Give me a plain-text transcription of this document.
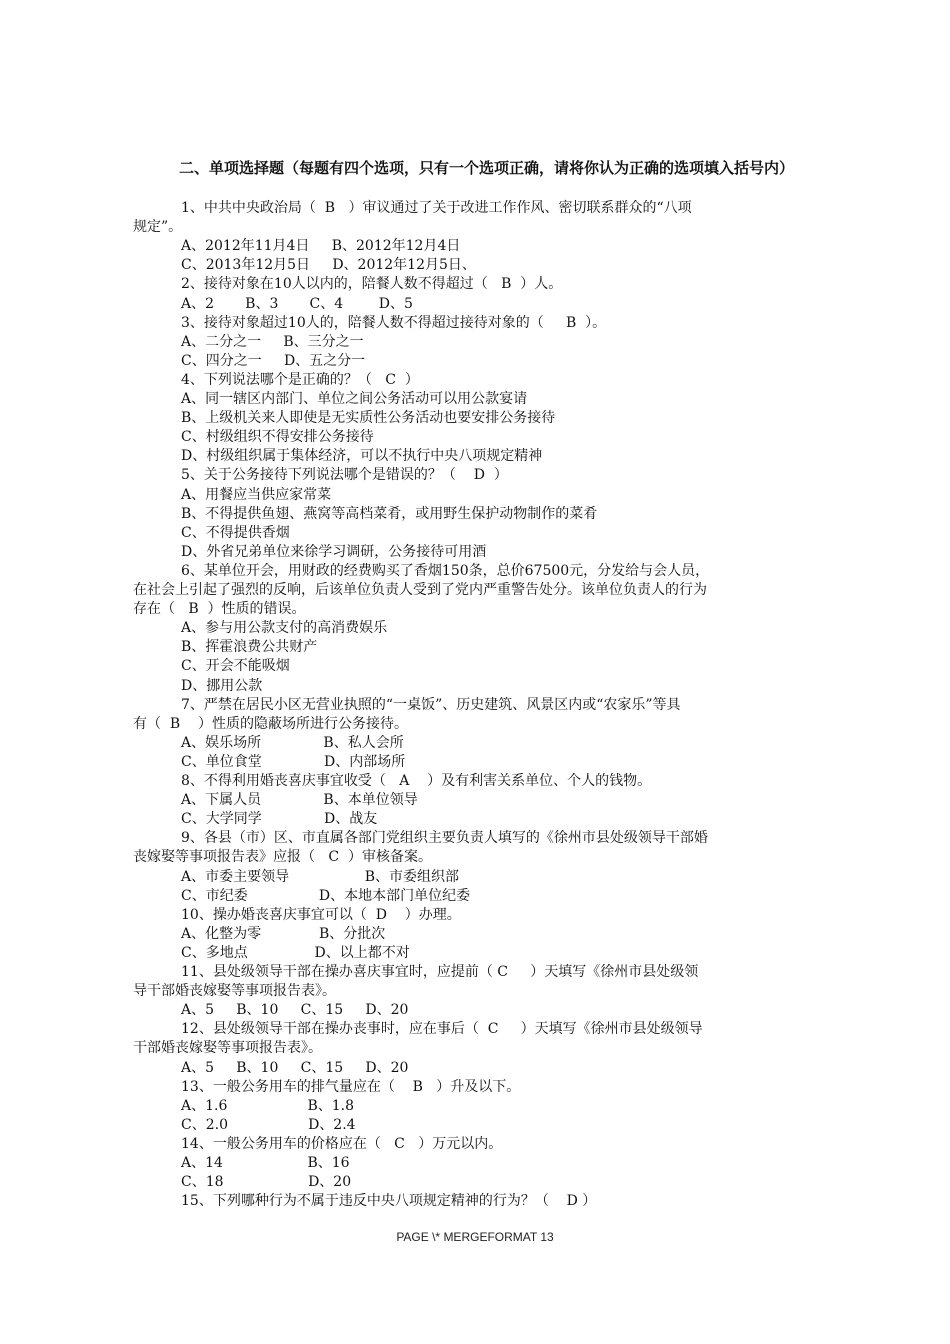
二、单项选择题（每题有四个选项，只有一个选项正确，请将你认为正确的选项填入括号内）
1、中共中央政治局（  B   ）审议通过了关于改进工作作风、密切联系群众的“八项
规定”。
A、2012年11月4日     B、2012年12月4日
C、2013年12月5日     D、2012年12月5日、
2、接待对象在10人以内的，陪餐人数不得超过（   B  ）人。
A、2       B、3       C、4        D、5
3、接待对象超过10人的，陪餐人数不得超过接待对象的（     B  ）。
A、二分之一     B、三分之一
C、四分之一     D、五之分一
4、下列说法哪个是正确的？（   C  ）
A、同一辖区内部门、单位之间公务活动可以用公款宴请
B、上级机关来人即使是无实质性公务活动也要安排公务接待
C、村级组织不得安排公务接待
D、村级组织属于集体经济，可以不执行中央八项规定精神
5、关于公务接待下列说法哪个是错误的？（    D  ）
A、用餐应当供应家常菜
B、不得提供鱼翅、燕窝等高档菜肴，或用野生保护动物制作的菜肴
C、不得提供香烟
D、外省兄弟单位来徐学习调研，公务接待可用酒
6、某单位开会，用财政的经费购买了香烟150条，总价67500元，分发给与会人员，
在社会上引起了强烈的反响，后该单位负责人受到了党内严重警告处分。该单位负责人的行为
存在（   B  ）性质的错误。
A、参与用公款支付的高消费娱乐
B、挥霍浪费公共财产
C、开会不能吸烟
D、挪用公款
7、严禁在居民小区无营业执照的“一桌饭”、历史建筑、风景区内或“农家乐”等具
有（  B    ）性质的隐蔽场所进行公务接待。
A、娱乐场所              B、私人会所
C、单位食堂              D、内部场所
8、不得利用婚丧喜庆事宜收受（   A    ）及有利害关系单位、个人的钱物。
A、下属人员              B、本单位领导
C、大学同学              D、战友
9、各县（市）区、市直属各部门党组织主要负责人填写的《徐州市县处级领导干部婚
丧嫁娶等事项报告表》应报（   C  ）审核备案。
A、市委主要领导                 B、市委组织部
C、市纪委                D、本地本部门单位纪委
10、操办婚丧喜庆事宜可以（  D    ）办理。
A、化整为零             B、分批次
C、多地点               D、以上都不对
11、县处级领导干部在操办喜庆事宜时，应提前（ C     ）天填写《徐州市县处级领
导干部婚丧嫁娶等事项报告表》。
A、5     B、10     C、15     D、20
12、县处级领导干部在操办丧事时，应在事后（  C     ）天填写《徐州市县处级领导
干部婚丧嫁娶等事项报告表》。
A、5     B、10     C、15     D、20
13、一般公务用车的排气量应在（    B   ）升及以下。
A、1.6                  B、1.8
C、2.0                  D、2.4
14、一般公务用车的价格应在（   C   ）万元以内。
A、14                   B、16
C、18                   D、20
15、下列哪种行为不属于违反中央八项规定精神的行为？（    D ）
PAGE \* MERGEFORMAT 13
